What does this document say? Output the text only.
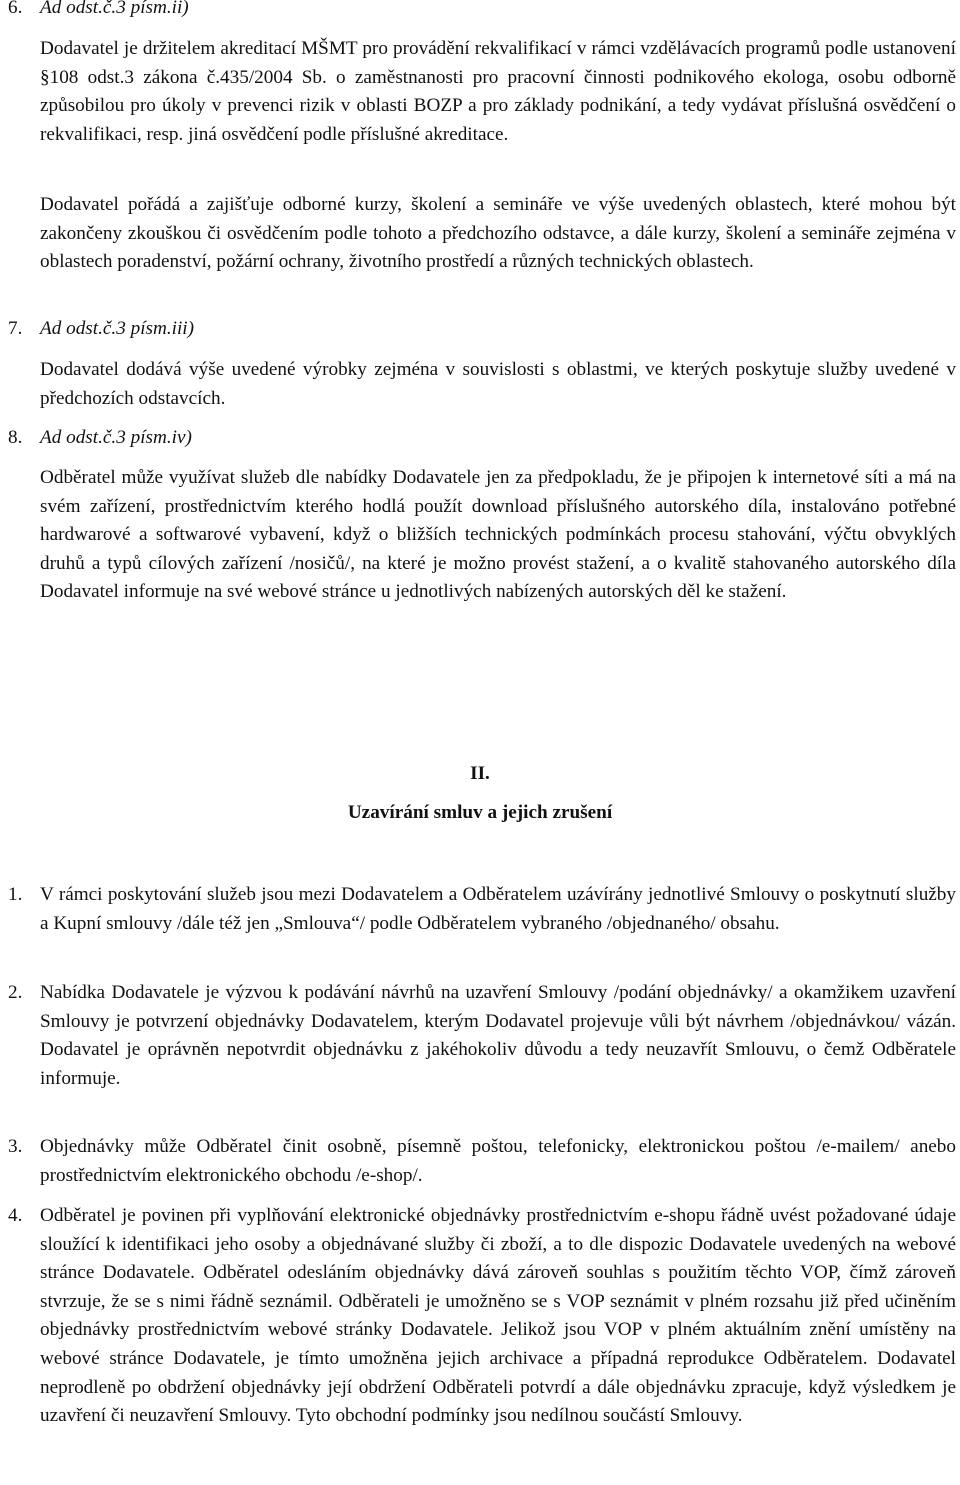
6. Ad odst.č.3 písm.ii)

Dodavatel je držitelem akreditací MŠMT pro provádění rekvalifikací v rámci vzdělávacích programů podle ustanovení §108 odst.3 zákona č.435/2004 Sb. o zaměstnanosti pro pracovní činnosti podnikového ekologa, osobu odborně způsobilou pro úkoly v prevenci rizik v oblasti BOZP a pro základy podnikání, a tedy vydávat příslušná osvědčení o rekvalifikaci, resp. jiná osvědčení podle příslušné akreditace.

Dodavatel pořádá a zajišťuje odborné kurzy, školení a semináře ve výše uvedených oblastech, které mohou být zakončeny zkouškou či osvědčením podle tohoto a předchozího odstavce, a dále kurzy, školení a semináře zejména v oblastech poradenství, požární ochrany, životního prostředí a různých technických oblastech.

7. Ad odst.č.3 písm.iii)

Dodavatel dodává výše uvedené výrobky zejména v souvislosti s oblastmi, ve kterých poskytuje služby uvedené v předchozích odstavcích.

8. Ad odst.č.3 písm.iv)

Odběratel může využívat služeb dle nabídky Dodavatele jen za předpokladu, že je připojen k internetové síti a má na svém zařízení, prostřednictvím kterého hodlá použít download příslušného autorského díla, instalováno potřebné hardwarové a softwarové vybavení, když o bližších technických podmínkách procesu stahování, výčtu obvyklých druhů a typů cílových zařízení /nosičů/, na které je možno provést stažení, a o kvalitě stahovaného autorského díla Dodavatel informuje na své webové stránce u jednotlivých nabízených autorských děl ke stažení.

II.
Uzavírání smluv a jejich zrušení
1. V rámci poskytování služeb jsou mezi Dodavatelem a Odběratelem uzávírány jednotlivé Smlouvy o poskytnutí služby a Kupní smlouvy /dále též jen „Smlouva“/ podle Odběratelem vybraného /objednaného/ obsahu.
2. Nabídka Dodavatele je výzvou k podávání návrhů na uzavření Smlouvy /podání objednávky/ a okamžikem uzavření Smlouvy je potvrzení objednávky Dodavatelem, kterým Dodavatel projevuje vůli být návrhem /objednávkou/ vázán. Dodavatel je oprávněn nepotvrdit objednávku z jakéhokoliv důvodu a tedy neuzavřít Smlouvu, o čemž Odběratele informuje.
3. Objednávky může Odběratel činit osobně, písemně poštou, telefonicky, elektronickou poštou /e-mailem/ anebo prostřednictvím elektronického obchodu /e-shop/.
4. Odběratel je povinen při vyplňování elektronické objednávky prostřednictvím e-shopu řádně uvést požadované údaje sloužící k identifikaci jeho osoby a objednávané služby či zboží, a to dle dispozic Dodavatele uvedených na webové stránce Dodavatele. Odběratel odesláním objednávky dává zároveň souhlas s použitím těchto VOP, čímž zároveň stvrzuje, že se s nimi řádně seznámil. Odběrateli je umožněno se s VOP seznámit v plném rozsahu již před učiněním objednávky prostřednictvím webové stránky Dodavatele. Jelikož jsou VOP v plném aktuálním znění umístěny na webové stránce Dodavatele, je tímto umožněna jejich archivace a případná reprodukce Odběratelem. Dodavatel neprodleně po obdržení objednávky její obdržení Odběrateli potvrdí a dále objednávku zpracuje, když výsledkem je uzavření či neuzavření Smlouvy. Tyto obchodní podmínky jsou nedílnou součástí Smlouvy.
